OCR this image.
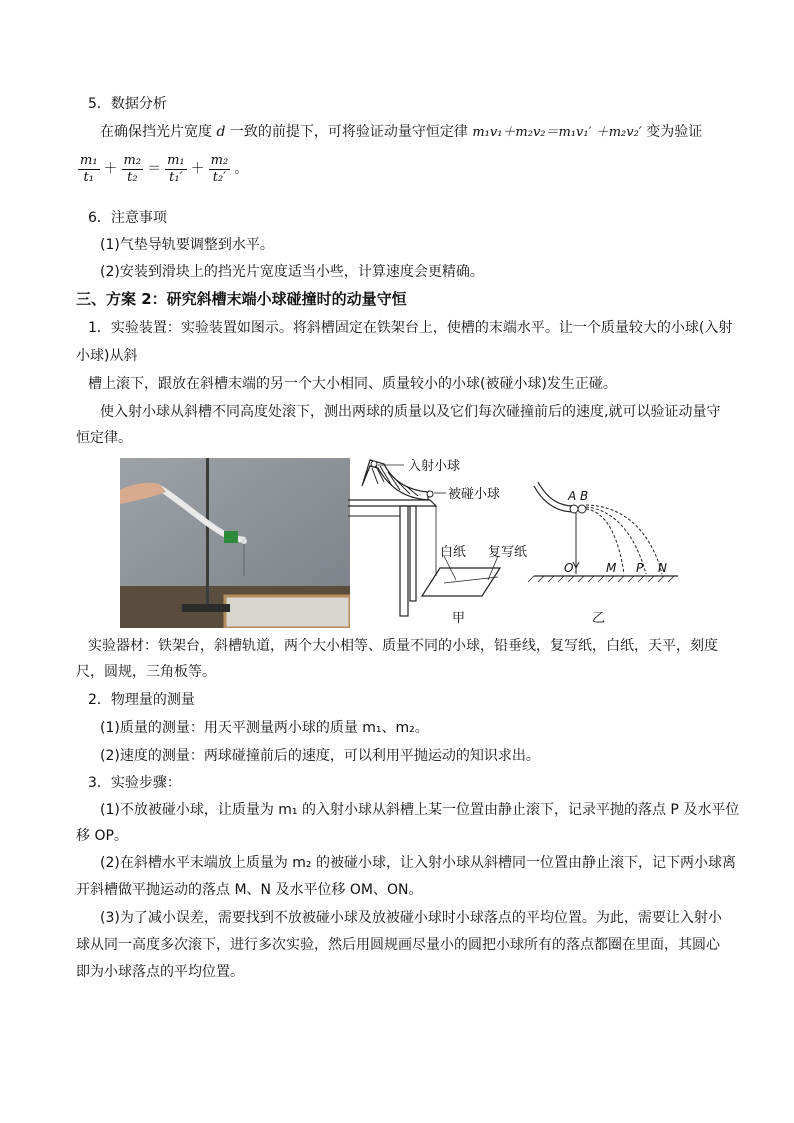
5．数据分析
在确保挡光片宽度 d 一致的前提下，可将验证动量守恒定律 m₁v₁＋m₂v₂＝m₁v₁′ ＋m₂v₂′ 变为验证
$\frac{\text{m₁}}{\text{t₁}} + \frac{\text{m₂}}{\text{t₂}} = \frac{\text{m₁}}{\text{t₁′}} + \frac{\text{m₂}}{\text{t₂′}}$ 。
6．注意事项
(1)气垫导轨要调整到水平。
(2)安装到滑块上的挡光片宽度适当小些，计算速度会更精确。
三、方案 2：研究斜槽末端小球碰撞时的动量守恒
1．实验装置：实验装置如图示。将斜槽固定在铁架台上，使槽的末端水平。让一个质量较大的小球(入射
小球)从斜
槽上滚下，跟放在斜槽末端的另一个大小相同、质量较小的小球(被碰小球)发生正碰。
使入射小球从斜槽不同高度处滚下，测出两球的质量以及它们每次碰撞前后的速度,就可以验证动量守
恒定律。
入射小球
被碰小球
白纸 复写纸
甲
A B
O	M P N
乙
实验器材：铁架台，斜槽轨道，两个大小相等、质量不同的小球，铅垂线，复写纸，白纸，天平，刻度
尺，圆规，三角板等。
2．物理量的测量
(1)质量的测量：用天平测量两小球的质量 m₁、m₂。
(2)速度的测量：两球碰撞前后的速度，可以利用平抛运动的知识求出。
3．实验步骤：
(1)不放被碰小球，让质量为 m₁ 的入射小球从斜槽上某一位置由静止滚下，记录平抛的落点 P 及水平位
移 OP。
(2)在斜槽水平末端放上质量为 m₂ 的被碰小球，让入射小球从斜槽同一位置由静止滚下，记下两小球离
开斜槽做平抛运动的落点 M、N 及水平位移 OM、ON。
(3)为了减小误差，需要找到不放被碰小球及放被碰小球时小球落点的平均位置。为此，需要让入射小
球从同一高度多次滚下，进行多次实验，然后用圆规画尽量小的圆把小球所有的落点都圈在里面，其圆心
即为小球落点的平均位置。
